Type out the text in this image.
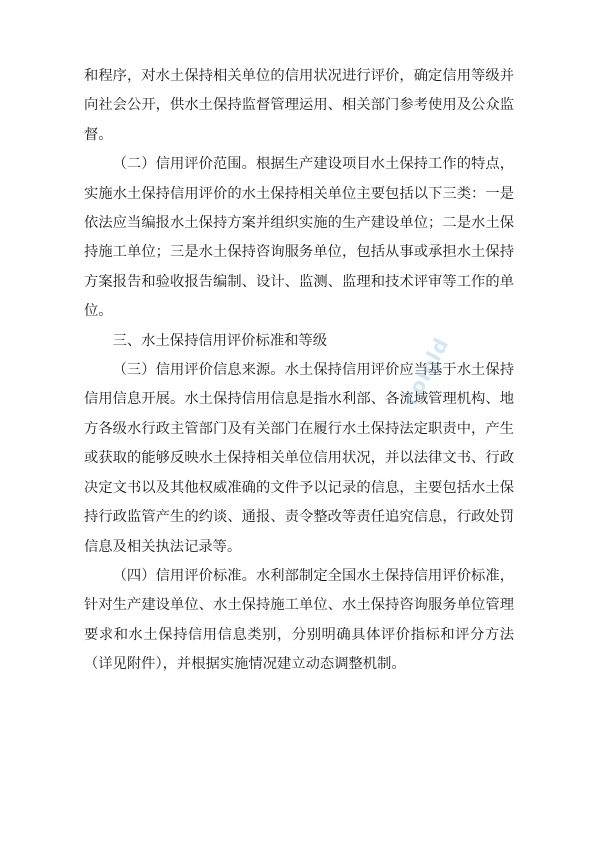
和程序，对水土保持相关单位的信用状况进行评价，确定信用等级并向社会公开，供水土保持监督管理运用、相关部门参考使用及公众监督。

（二）信用评价范围。根据生产建设项目水土保持工作的特点，实施水土保持信用评价的水土保持相关单位主要包括以下三类：一是依法应当编报水土保持方案并组织实施的生产建设单位；二是水土保持施工单位；三是水土保持咨询服务单位，包括从事或承担水土保持方案报告和验收报告编制、设计、监测、监理和技术评审等工作的单位。

三、水土保持信用评价标准和等级

（三）信用评价信息来源。水土保持信用评价应当基于水土保持信用信息开展。水土保持信用信息是指水利部、各流域管理机构、地方各级水行政主管部门及有关部门在履行水土保持法定职责中，产生或获取的能够反映水土保持相关单位信用状况，并以法律文书、行政决定文书以及其他权威准确的文件予以记录的信息，主要包括水土保持行政监管产生的约谈、通报、责令整改等责任追究信息，行政处罚信息及相关执法记录等。

（四）信用评价标准。水利部制定全国水土保持信用评价标准，针对生产建设单位、水土保持施工单位、水土保持咨询服务单位管理要求和水土保持信用信息类别，分别明确具体评价指标和评分方法（详见附件），并根据实施情况建立动态调整机制。

colold
